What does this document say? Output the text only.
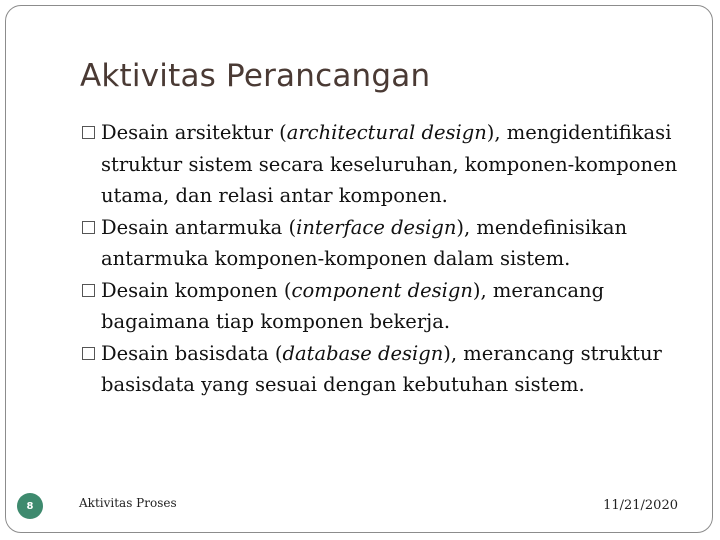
Aktivitas Perancangan
Desain arsitektur (architectural design), mengidentifikasi struktur sistem secara keseluruhan, komponen-komponen utama, dan relasi antar komponen.
Desain antarmuka (interface design), mendefinisikan antarmuka komponen-komponen dalam sistem.
Desain komponen (component design), merancang bagaimana tiap komponen bekerja.
Desain basisdata (database design), merancang struktur basisdata yang sesuai dengan kebutuhan sistem.
8	Aktivitas Proses	11/21/2020
